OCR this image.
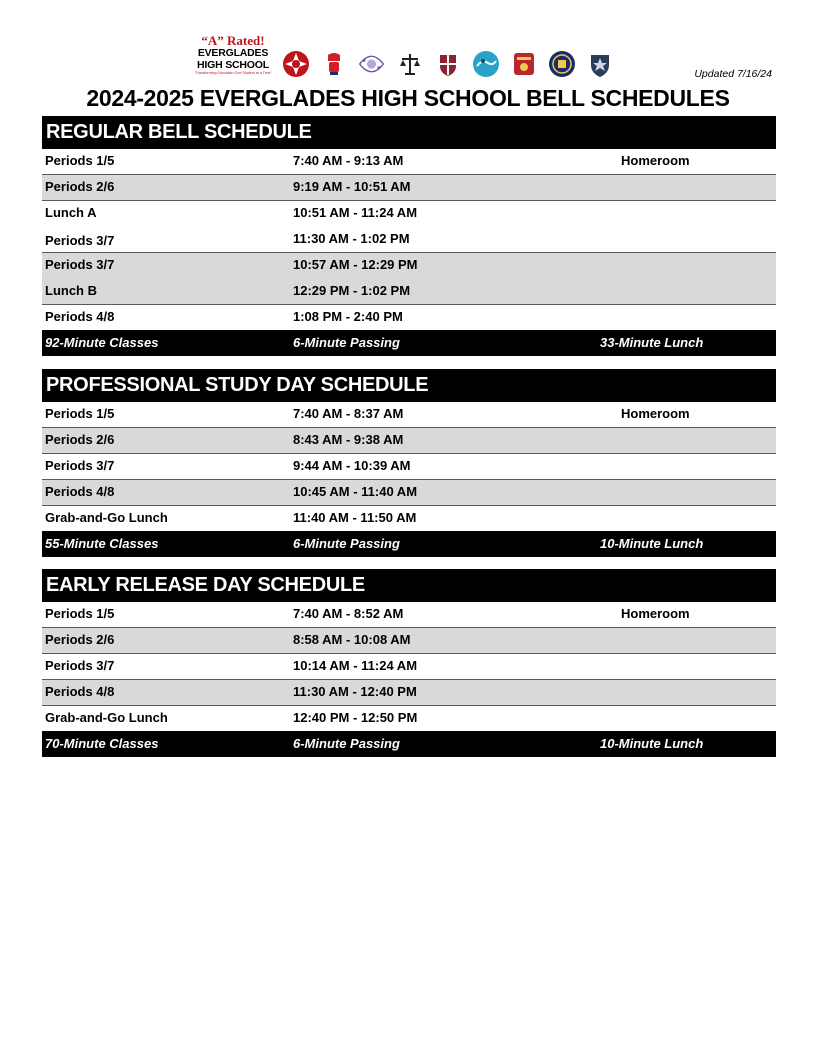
“A” Rated!
EVERGLADES
HIGH SCHOOL
“Transforming Education One Student at a Time”	Updated 7/16/24
2024-2025 EVERGLADES HIGH SCHOOL BELL SCHEDULES
REGULAR BELL SCHEDULE
Periods 1/5	7:40 AM - 9:13 AM	Homeroom
Periods 2/6	9:19 AM - 10:51 AM
Lunch A	10:51 AM - 11:24 AM
Periods 3/7	11:30 AM - 1:02 PM
Periods 3/7	10:57 AM - 12:29 PM
Lunch B	12:29 PM - 1:02 PM
Periods 4/8	1:08 PM - 2:40 PM
92-Minute Classes	6-Minute Passing	33-Minute Lunch
PROFESSIONAL STUDY DAY SCHEDULE
Periods 1/5	7:40 AM - 8:37 AM	Homeroom
Periods 2/6	8:43 AM - 9:38 AM
Periods 3/7	9:44 AM - 10:39 AM
Periods 4/8	10:45 AM - 11:40 AM
Grab-and-Go Lunch	11:40 AM - 11:50 AM
55-Minute Classes	6-Minute Passing	10-Minute Lunch
EARLY RELEASE DAY SCHEDULE
Periods 1/5	7:40 AM - 8:52 AM	Homeroom
Periods 2/6	8:58 AM - 10:08 AM
Periods 3/7	10:14 AM - 11:24 AM
Periods 4/8	11:30 AM - 12:40 PM
Grab-and-Go Lunch	12:40 PM - 12:50 PM
70-Minute Classes	6-Minute Passing	10-Minute Lunch
